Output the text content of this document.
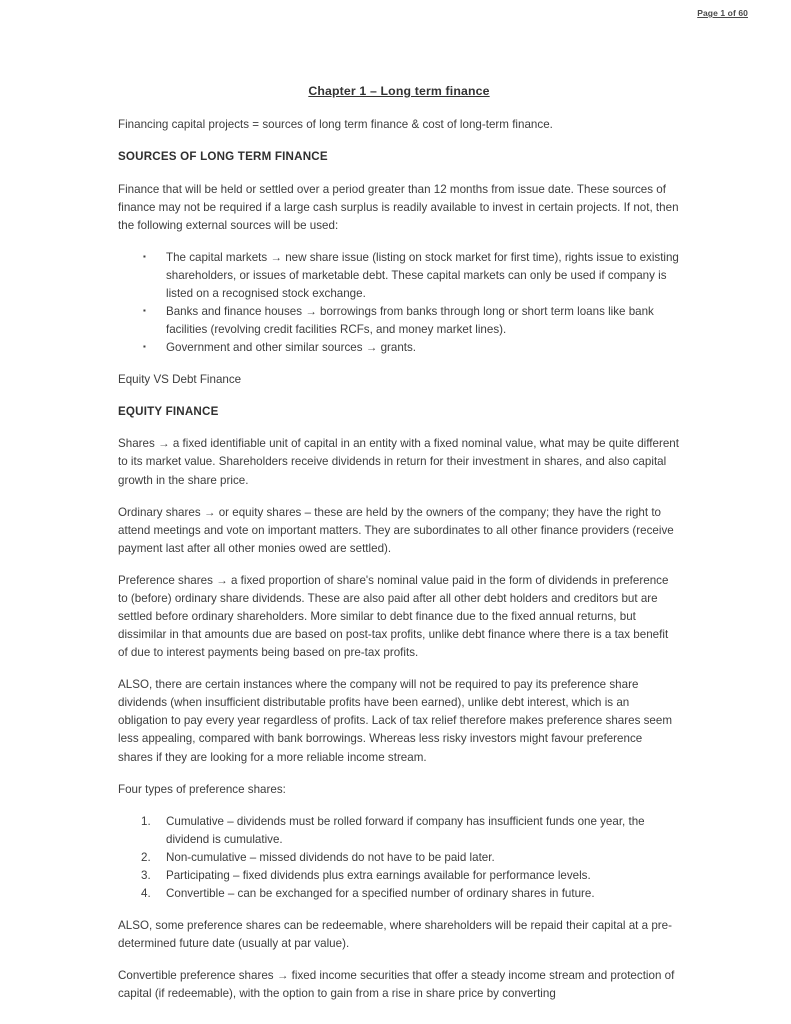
Page 1 of 60
Chapter 1 – Long term finance

Financing capital projects = sources of long term finance & cost of long-term finance.

SOURCES OF LONG TERM FINANCE

Finance that will be held or settled over a period greater than 12 months from issue date. These sources of finance may not be required if a large cash surplus is readily available to invest in certain projects. If not, then the following external sources will be used:

▪ The capital markets → new share issue (listing on stock market for first time), rights issue to existing shareholders, or issues of marketable debt. These capital markets can only be used if company is listed on a recognised stock exchange.
▪ Banks and finance houses → borrowings from banks through long or short term loans like bank facilities (revolving credit facilities RCFs, and money market lines).
▪ Government and other similar sources → grants.

Equity VS Debt Finance

EQUITY FINANCE

Shares → a fixed identifiable unit of capital in an entity with a fixed nominal value, what may be quite different to its market value. Shareholders receive dividends in return for their investment in shares, and also capital growth in the share price.

Ordinary shares → or equity shares – these are held by the owners of the company; they have the right to attend meetings and vote on important matters. They are subordinates to all other finance providers (receive payment last after all other monies owed are settled).

Preference shares → a fixed proportion of share's nominal value paid in the form of dividends in preference to (before) ordinary share dividends. These are also paid after all other debt holders and creditors but are settled before ordinary shareholders. More similar to debt finance due to the fixed annual returns, but dissimilar in that amounts due are based on post-tax profits, unlike debt finance where there is a tax benefit of due to interest payments being based on pre-tax profits.

ALSO, there are certain instances where the company will not be required to pay its preference share dividends (when insufficient distributable profits have been earned), unlike debt interest, which is an obligation to pay every year regardless of profits. Lack of tax relief therefore makes preference shares seem less appealing, compared with bank borrowings. Whereas less risky investors might favour preference shares if they are looking for a more reliable income stream.

Four types of preference shares:

Cumulative – dividends must be rolled forward if company has insufficient funds one year, the dividend is cumulative.
Non-cumulative – missed dividends do not have to be paid later.
Participating – fixed dividends plus extra earnings available for performance levels.
Convertible – can be exchanged for a specified number of ordinary shares in future.

ALSO, some preference shares can be redeemable, where shareholders will be repaid their capital at a pre-determined future date (usually at par value).

Convertible preference shares → fixed income securities that offer a steady income stream and protection of capital (if redeemable), with the option to gain from a rise in share price by converting
